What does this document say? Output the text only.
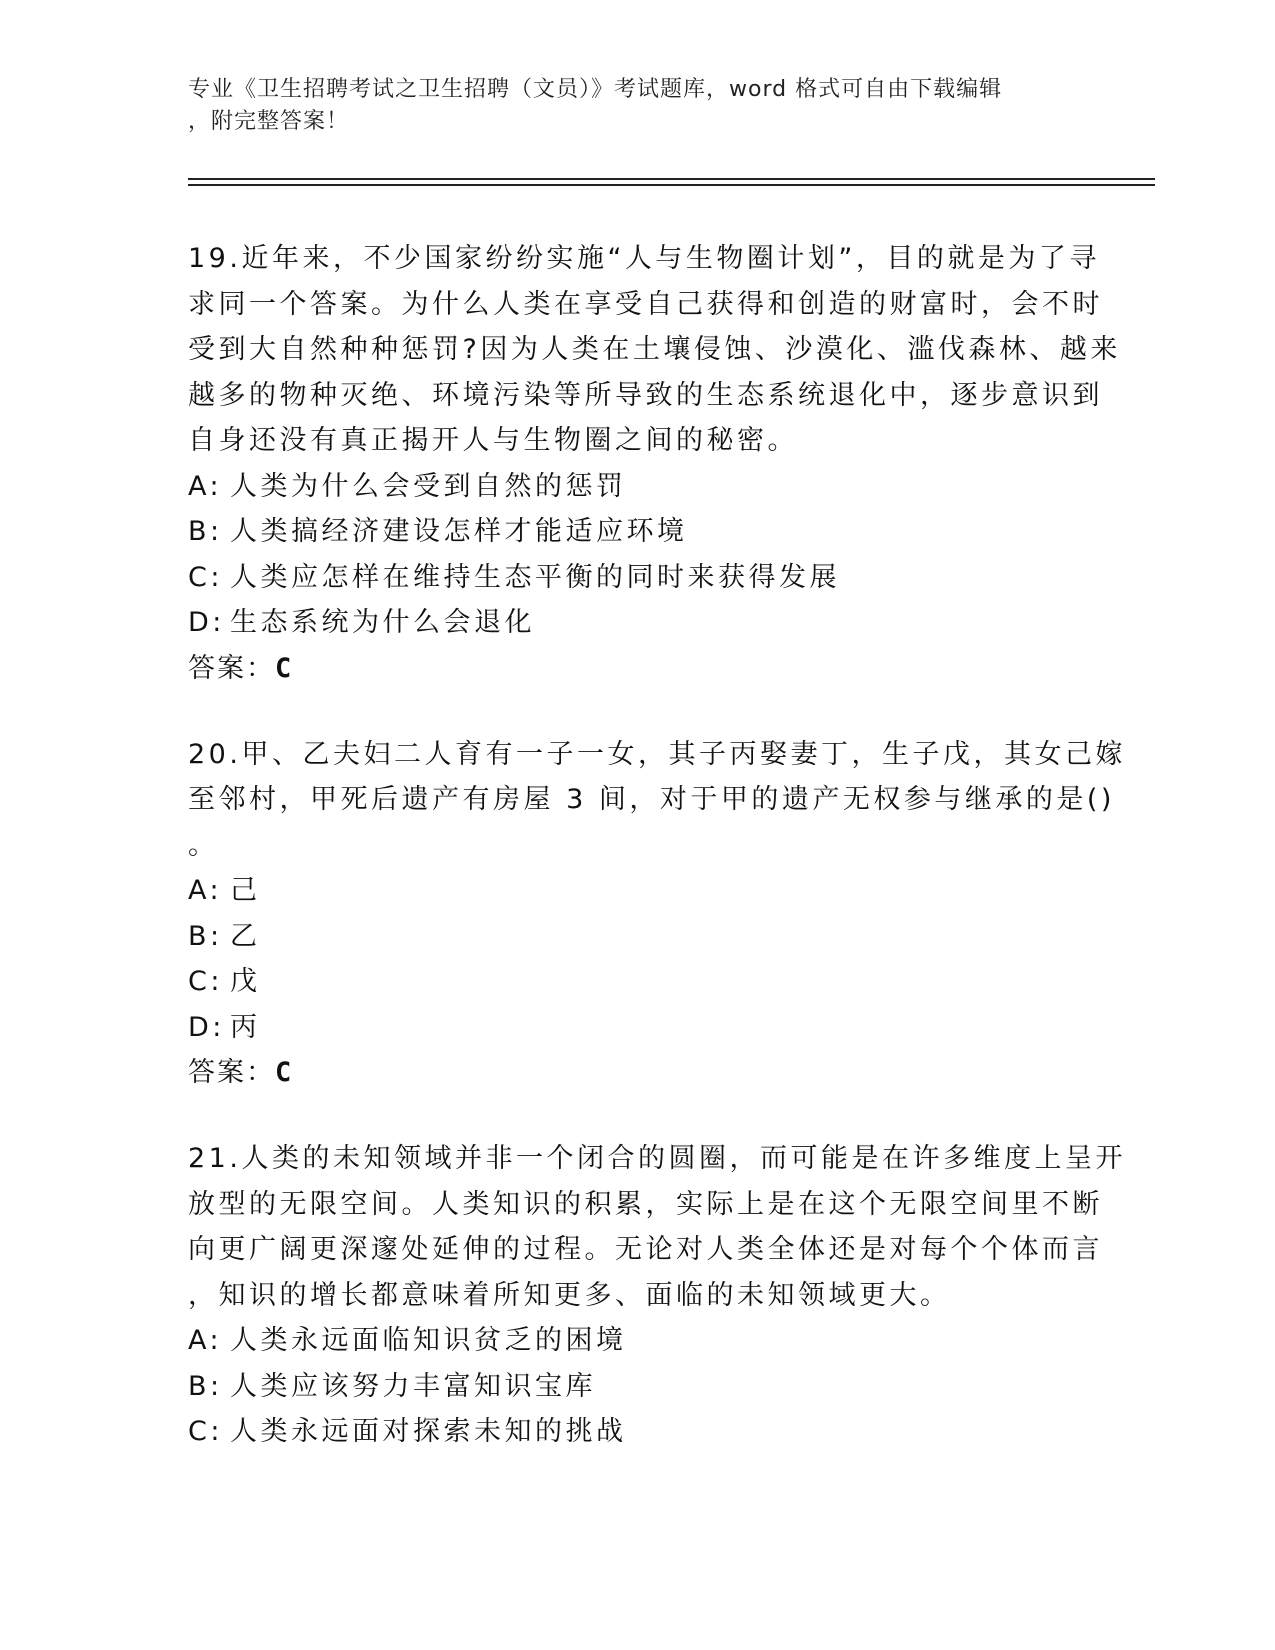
专业《卫生招聘考试之卫生招聘（文员）》考试题库，word 格式可自由下载编辑
，附完整答案！
19.近年来，不少国家纷纷实施“人与生物圈计划”，目的就是为了寻
求同一个答案。为什么人类在享受自己获得和创造的财富时，会不时
受到大自然种种惩罚?因为人类在土壤侵蚀、沙漠化、滥伐森林、越来
越多的物种灭绝、环境污染等所导致的生态系统退化中，逐步意识到
自身还没有真正揭开人与生物圈之间的秘密。
A: 人类为什么会受到自然的惩罚
B: 人类搞经济建设怎样才能适应环境
C: 人类应怎样在维持生态平衡的同时来获得发展
D: 生态系统为什么会退化
答案：C
20.甲、乙夫妇二人育有一子一女，其子丙娶妻丁，生子戊，其女己嫁
至邻村，甲死后遗产有房屋 3 间，对于甲的遗产无权参与继承的是()
。
A: 己
B: 乙
C: 戊
D: 丙
答案：C
21.人类的未知领域并非一个闭合的圆圈，而可能是在许多维度上呈开
放型的无限空间。人类知识的积累，实际上是在这个无限空间里不断
向更广阔更深邃处延伸的过程。无论对人类全体还是对每个个体而言
，知识的增长都意味着所知更多、面临的未知领域更大。
A: 人类永远面临知识贫乏的困境
B: 人类应该努力丰富知识宝库
C: 人类永远面对探索未知的挑战
